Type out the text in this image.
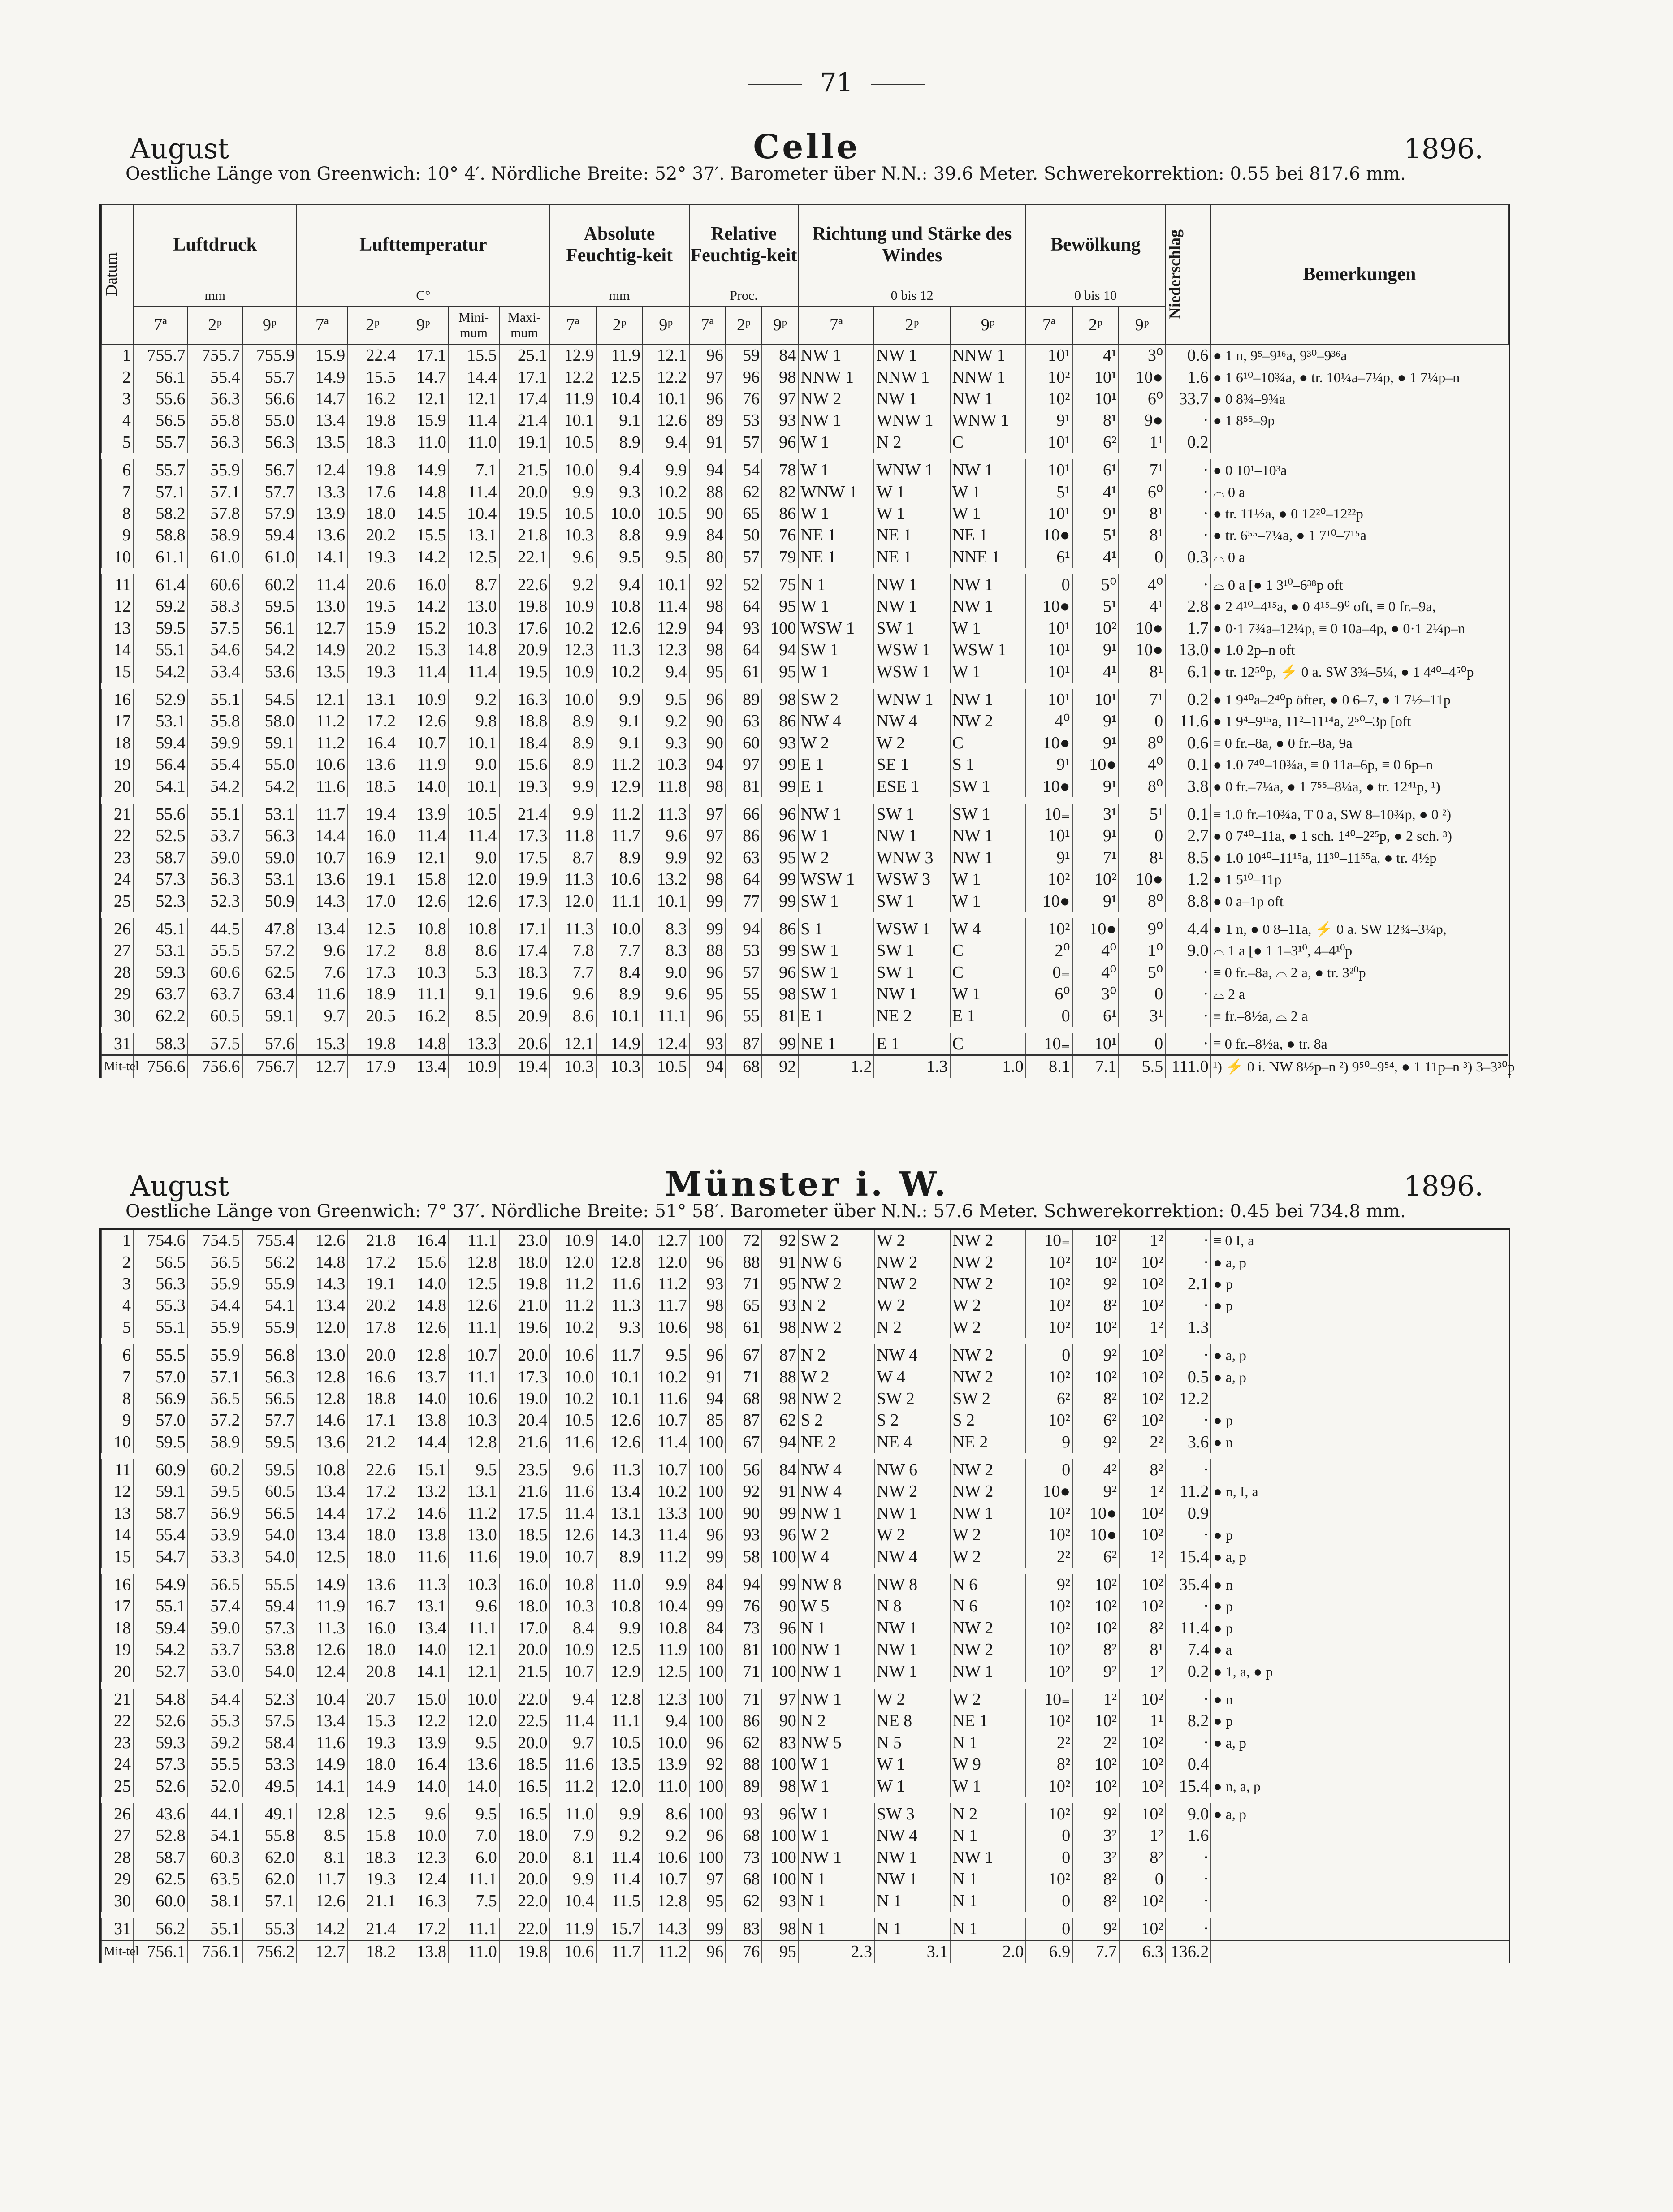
71
August	Celle	1896.
Oestliche Länge von Greenwich: 10° 4′. Nördliche Breite: 52° 37′. Barometer über N.N.: 39.6 Meter. Schwerekorrektion: 0.55 bei 817.6 mm.
Datum	Luftdruck			Lufttemperatur					Absolute Feuchtig-keit			Relative Feuchtig-keit			Richtung und Stärke des Windes			Bewölkung			Niederschlag	Bemerkungen
	mm			C°					mm			Proc.			0 bis 12			0 bis 10				
	7ª	2ᵖ	9ᵖ	7ª	2ᵖ	9ᵖ	Mini-mum	Maxi-mum	7ª	2ᵖ	9ᵖ	7ª	2ᵖ	9ᵖ	7ª	2ᵖ	9ᵖ	7ª	2ᵖ	9ᵖ		
1	755.7	755.7	755.9	15.9	22.4	17.1	15.5	25.1	12.9	11.9	12.1	96	59	84	NW 1	NW 1	NNW 1	10¹	4¹	3⁰	0.6	● 1 n, 9⁵–9¹⁶a, 9³⁰–9³⁶a
2	56.1	55.4	55.7	14.9	15.5	14.7	14.4	17.1	12.2	12.5	12.2	97	96	98	NNW 1	NNW 1	NNW 1	10²	10¹	10●	1.6	● 1 6¹⁰–10¾a, ● tr. 10¼a–7¼p, ● 1 7¼p–n
3	55.6	56.3	56.6	14.7	16.2	12.1	12.1	17.4	11.9	10.4	10.1	96	76	97	NW 2	NW 1	NW 1	10²	10¹	6⁰	33.7	● 0 8¾–9¾a
4	56.5	55.8	55.0	13.4	19.8	15.9	11.4	21.4	10.1	9.1	12.6	89	53	93	NW 1	WNW 1	WNW 1	9¹	8¹	9●	·	● 1 8⁵⁵–9p
5	55.7	56.3	56.3	13.5	18.3	11.0	11.0	19.1	10.5	8.9	9.4	91	57	96	W 1	N 2	C	10¹	6²	1¹	0.2	

6	55.7	55.9	56.7	12.4	19.8	14.9	7.1	21.5	10.0	9.4	9.9	94	54	78	W 1	WNW 1	NW 1	10¹	6¹	7¹	·	● 0 10¹–10³a
7	57.1	57.1	57.7	13.3	17.6	14.8	11.4	20.0	9.9	9.3	10.2	88	62	82	WNW 1	W 1	W 1	5¹	4¹	6⁰	·	⌓ 0 a
8	58.2	57.8	57.9	13.9	18.0	14.5	10.4	19.5	10.5	10.0	10.5	90	65	86	W 1	W 1	W 1	10¹	9¹	8¹	·	● tr. 11½a, ● 0 12²⁰–12²²p
9	58.8	58.9	59.4	13.6	20.2	15.5	13.1	21.8	10.3	8.8	9.9	84	50	76	NE 1	NE 1	NE 1	10●	5¹	8¹	·	● tr. 6⁵⁵–7¼a, ● 1 7¹⁰–7¹⁵a
10	61.1	61.0	61.0	14.1	19.3	14.2	12.5	22.1	9.6	9.5	9.5	80	57	79	NE 1	NE 1	NNE 1	6¹	4¹	0	0.3	⌓ 0 a

11	61.4	60.6	60.2	11.4	20.6	16.0	8.7	22.6	9.2	9.4	10.1	92	52	75	N 1	NW 1	NW 1	0	5⁰	4⁰	·	⌓ 0 a [● 1 3¹⁰–6³⁸p oft
12	59.2	58.3	59.5	13.0	19.5	14.2	13.0	19.8	10.9	10.8	11.4	98	64	95	W 1	NW 1	NW 1	10●	5¹	4¹	2.8	● 2 4¹⁰–4¹⁵a, ● 0 4¹⁵–9⁰ oft, ≡ 0 fr.–9a,
13	59.5	57.5	56.1	12.7	15.9	15.2	10.3	17.6	10.2	12.6	12.9	94	93	100	WSW 1	SW 1	W 1	10¹	10²	10●	1.7	● 0·1 7¾a–12¼p, ≡ 0 10a–4p, ● 0·1 2¼p–n
14	55.1	54.6	54.2	14.9	20.2	15.3	14.8	20.9	12.3	11.3	12.3	98	64	94	SW 1	WSW 1	WSW 1	10¹	9¹	10●	13.0	● 1.0 2p–n oft
15	54.2	53.4	53.6	13.5	19.3	11.4	11.4	19.5	10.9	10.2	9.4	95	61	95	W 1	WSW 1	W 1	10¹	4¹	8¹	6.1	● tr. 12⁵⁰p, ⚡ 0 a. SW 3¾–5¼, ● 1 4⁴⁰–4⁵⁰p

16	52.9	55.1	54.5	12.1	13.1	10.9	9.2	16.3	10.0	9.9	9.5	96	89	98	SW 2	WNW 1	NW 1	10¹	10¹	7¹	0.2	● 1 9⁴⁰a–2⁴⁰p öfter, ● 0 6–7, ● 1 7½–11p
17	53.1	55.8	58.0	11.2	17.2	12.6	9.8	18.8	8.9	9.1	9.2	90	63	86	NW 4	NW 4	NW 2	4⁰	9¹	0	11.6	● 1 9⁴–9¹⁵a, 11²–11¹⁴a, 2⁵⁰–3p [oft
18	59.4	59.9	59.1	11.2	16.4	10.7	10.1	18.4	8.9	9.1	9.3	90	60	93	W 2	W 2	C	10●	9¹	8⁰	0.6	≡ 0 fr.–8a, ● 0 fr.–8a, 9a
19	56.4	55.4	55.0	10.6	13.6	11.9	9.0	15.6	8.9	11.2	10.3	94	97	99	E 1	SE 1	S 1	9¹	10●	4⁰	0.1	● 1.0 7⁴⁰–10¾a, ≡ 0 11a–6p, ≡ 0 6p–n
20	54.1	54.2	54.2	11.6	18.5	14.0	10.1	19.3	9.9	12.9	11.8	98	81	99	E 1	ESE 1	SW 1	10●	9¹	8⁰	3.8	● 0 fr.–7¼a, ● 1 7⁵⁵–8¼a, ● tr. 12⁴¹p, ¹)

21	55.6	55.1	53.1	11.7	19.4	13.9	10.5	21.4	9.9	11.2	11.3	97	66	96	NW 1	SW 1	SW 1	10₌	3¹	5¹	0.1	≡ 1.0 fr.–10¾a, T 0 a, SW 8–10¾p, ● 0 ²)
22	52.5	53.7	56.3	14.4	16.0	11.4	11.4	17.3	11.8	11.7	9.6	97	86	96	W 1	NW 1	NW 1	10¹	9¹	0	2.7	● 0 7⁴⁰–11a, ● 1 sch. 1⁴⁰–2²⁵p, ● 2 sch. ³)
23	58.7	59.0	59.0	10.7	16.9	12.1	9.0	17.5	8.7	8.9	9.9	92	63	95	W 2	WNW 3	NW 1	9¹	7¹	8¹	8.5	● 1.0 10⁴⁰–11¹⁵a, 11³⁰–11⁵⁵a, ● tr. 4½p
24	57.3	56.3	53.1	13.6	19.1	15.8	12.0	19.9	11.3	10.6	13.2	98	64	99	WSW 1	WSW 3	W 1	10²	10²	10●	1.2	● 1 5¹⁰–11p
25	52.3	52.3	50.9	14.3	17.0	12.6	12.6	17.3	12.0	11.1	10.1	99	77	99	SW 1	SW 1	W 1	10●	9¹	8⁰	8.8	● 0 a–1p oft

26	45.1	44.5	47.8	13.4	12.5	10.8	10.8	17.1	11.3	10.0	8.3	99	94	86	S 1	WSW 1	W 4	10²	10●	9⁰	4.4	● 1 n, ● 0 8–11a, ⚡ 0 a. SW 12¾–3¼p,
27	53.1	55.5	57.2	9.6	17.2	8.8	8.6	17.4	7.8	7.7	8.3	88	53	99	SW 1	SW 1	C	2⁰	4⁰	1⁰	9.0	⌓ 1 a [● 1 1–3¹⁰, 4–4¹⁰p
28	59.3	60.6	62.5	7.6	17.3	10.3	5.3	18.3	7.7	8.4	9.0	96	57	96	SW 1	SW 1	C	0₌	4⁰	5⁰	·	≡ 0 fr.–8a, ⌓ 2 a, ● tr. 3²⁰p
29	63.7	63.7	63.4	11.6	18.9	11.1	9.1	19.6	9.6	8.9	9.6	95	55	98	SW 1	NW 1	W 1	6⁰	3⁰	0	·	⌓ 2 a
30	62.2	60.5	59.1	9.7	20.5	16.2	8.5	20.9	8.6	10.1	11.1	96	55	81	E 1	NE 2	E 1	0	6¹	3¹	·	≡ fr.–8½a, ⌓ 2 a

31	58.3	57.5	57.6	15.3	19.8	14.8	13.3	20.6	12.1	14.9	12.4	93	87	99	NE 1	E 1	C	10₌	10¹	0	·	≡ 0 fr.–8½a, ● tr. 8a
Mit-tel	756.6	756.6	756.7	12.7	17.9	13.4	10.9	19.4	10.3	10.3	10.5	94	68	92	1.2	1.3	1.0	8.1	7.1	5.5	111.0	¹) ⚡ 0 i. NW 8½p–n ²) 9⁵⁰–9⁵⁴, ● 1 11p–n ³) 3–3³⁰p
August	Münster i. W.	1896.
Oestliche Länge von Greenwich: 7° 37′. Nördliche Breite: 51° 58′. Barometer über N.N.: 57.6 Meter. Schwerekorrektion: 0.45 bei 734.8 mm.
1	754.6	754.5	755.4	12.6	21.8	16.4	11.1	23.0	10.9	14.0	12.7	100	72	92	SW 2	W 2	NW 2	10₌	10²	1²	·	≡ 0 I, a
2	56.5	56.5	56.2	14.8	17.2	15.6	12.8	18.0	12.0	12.8	12.0	96	88	91	NW 6	NW 2	NW 2	10²	10²	10²	·	● a, p
3	56.3	55.9	55.9	14.3	19.1	14.0	12.5	19.8	11.2	11.6	11.2	93	71	95	NW 2	NW 2	NW 2	10²	9²	10²	2.1	● p
4	55.3	54.4	54.1	13.4	20.2	14.8	12.6	21.0	11.2	11.3	11.7	98	65	93	N 2	W 2	W 2	10²	8²	10²	·	● p
5	55.1	55.9	55.9	12.0	17.8	12.6	11.1	19.6	10.2	9.3	10.6	98	61	98	NW 2	N 2	W 2	10²	10²	1²	1.3	

6	55.5	55.9	56.8	13.0	20.0	12.8	10.7	20.0	10.6	11.7	9.5	96	67	87	N 2	NW 4	NW 2	0	9²	10²	·	● a, p
7	57.0	57.1	56.3	12.8	16.6	13.7	11.1	17.3	10.0	10.1	10.2	91	71	88	W 2	W 4	NW 2	10²	10²	10²	0.5	● a, p
8	56.9	56.5	56.5	12.8	18.8	14.0	10.6	19.0	10.2	10.1	11.6	94	68	98	NW 2	SW 2	SW 2	6²	8²	10²	12.2	
9	57.0	57.2	57.7	14.6	17.1	13.8	10.3	20.4	10.5	12.6	10.7	85	87	62	S 2	S 2	S 2	10²	6²	10²	·	● p
10	59.5	58.9	59.5	13.6	21.2	14.4	12.8	21.6	11.6	12.6	11.4	100	67	94	NE 2	NE 4	NE 2	9	9²	2²	3.6	● n

11	60.9	60.2	59.5	10.8	22.6	15.1	9.5	23.5	9.6	11.3	10.7	100	56	84	NW 4	NW 6	NW 2	0	4²	8²	·	
12	59.1	59.5	60.5	13.4	17.2	13.2	13.1	21.6	11.6	13.4	10.2	100	92	91	NW 4	NW 2	NW 2	10●	9²	1²	11.2	● n, I, a
13	58.7	56.9	56.5	14.4	17.2	14.6	11.2	17.5	11.4	13.1	13.3	100	90	99	NW 1	NW 1	NW 1	10²	10●	10²	0.9	
14	55.4	53.9	54.0	13.4	18.0	13.8	13.0	18.5	12.6	14.3	11.4	96	93	96	W 2	W 2	W 2	10²	10●	10²	·	● p
15	54.7	53.3	54.0	12.5	18.0	11.6	11.6	19.0	10.7	8.9	11.2	99	58	100	W 4	NW 4	W 2	2²	6²	1²	15.4	● a, p

16	54.9	56.5	55.5	14.9	13.6	11.3	10.3	16.0	10.8	11.0	9.9	84	94	99	NW 8	NW 8	N 6	9²	10²	10²	35.4	● n
17	55.1	57.4	59.4	11.9	16.7	13.1	9.6	18.0	10.3	10.8	10.4	99	76	90	W 5	N 8	N 6	10²	10²	10²	·	● p
18	59.4	59.0	57.3	11.3	16.0	13.4	11.1	17.0	8.4	9.9	10.8	84	73	96	N 1	NW 1	NW 2	10²	10²	8²	11.4	● p
19	54.2	53.7	53.8	12.6	18.0	14.0	12.1	20.0	10.9	12.5	11.9	100	81	100	NW 1	NW 1	NW 2	10²	8²	8¹	7.4	● a
20	52.7	53.0	54.0	12.4	20.8	14.1	12.1	21.5	10.7	12.9	12.5	100	71	100	NW 1	NW 1	NW 1	10²	9²	1²	0.2	● 1, a, ● p

21	54.8	54.4	52.3	10.4	20.7	15.0	10.0	22.0	9.4	12.8	12.3	100	71	97	NW 1	W 2	W 2	10₌	1²	10²	·	● n
22	52.6	55.3	57.5	13.4	15.3	12.2	12.0	22.5	11.4	11.1	9.4	100	86	90	N 2	NE 8	NE 1	10²	10²	1¹	8.2	● p
23	59.3	59.2	58.4	11.6	19.3	13.9	9.5	20.0	9.7	10.5	10.0	96	62	83	NW 5	N 5	N 1	2²	2²	10²	·	● a, p
24	57.3	55.5	53.3	14.9	18.0	16.4	13.6	18.5	11.6	13.5	13.9	92	88	100	W 1	W 1	W 9	8²	10²	10²	0.4	
25	52.6	52.0	49.5	14.1	14.9	14.0	14.0	16.5	11.2	12.0	11.0	100	89	98	W 1	W 1	W 1	10²	10²	10²	15.4	● n, a, p

26	43.6	44.1	49.1	12.8	12.5	9.6	9.5	16.5	11.0	9.9	8.6	100	93	96	W 1	SW 3	N 2	10²	9²	10²	9.0	● a, p
27	52.8	54.1	55.8	8.5	15.8	10.0	7.0	18.0	7.9	9.2	9.2	96	68	100	W 1	NW 4	N 1	0	3²	1²	1.6	
28	58.7	60.3	62.0	8.1	18.3	12.3	6.0	20.0	8.1	11.4	10.6	100	73	100	NW 1	NW 1	NW 1	0	3²	8²	·	
29	62.5	63.5	62.0	11.7	19.3	12.4	11.1	20.0	9.9	11.4	10.7	97	68	100	N 1	NW 1	N 1	10²	8²	0	·	
30	60.0	58.1	57.1	12.6	21.1	16.3	7.5	22.0	10.4	11.5	12.8	95	62	93	N 1	N 1	N 1	0	8²	10²	·	

31	56.2	55.1	55.3	14.2	21.4	17.2	11.1	22.0	11.9	15.7	14.3	99	83	98	N 1	N 1	N 1	0	9²	10²	·	
Mit-tel	756.1	756.1	756.2	12.7	18.2	13.8	11.0	19.8	10.6	11.7	11.2	96	76	95	2.3	3.1	2.0	6.9	7.7	6.3	136.2	
